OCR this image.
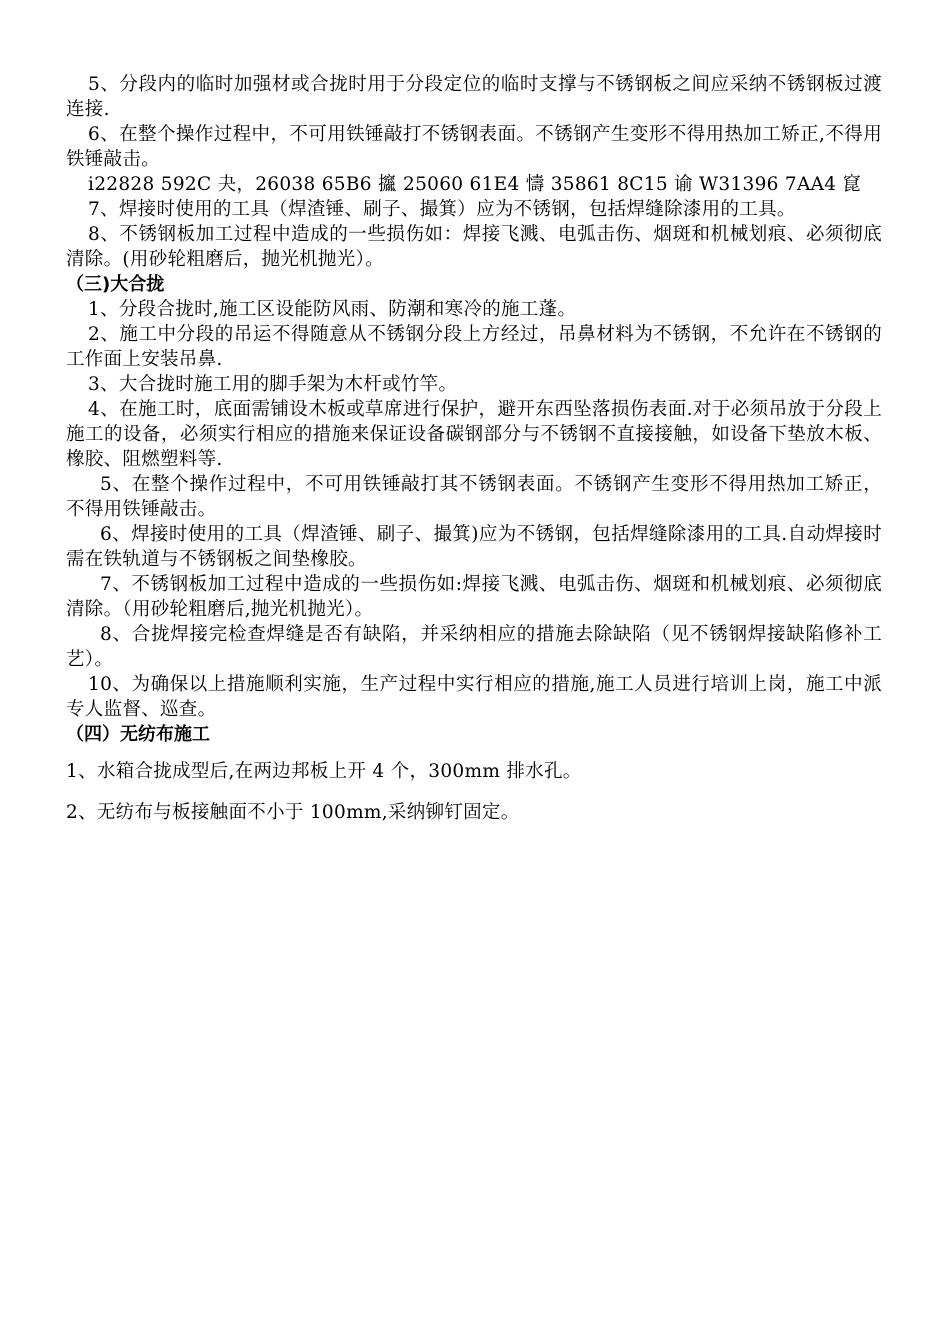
5、分段内的临时加强材或合拢时用于分段定位的临时支撑与不锈钢板之间应采纳不锈钢板过渡连接.

6、在整个操作过程中，不可用铁锤敲打不锈钢表面。不锈钢产生变形不得用热加工矫正,不得用铁锤敲击。

i22828 592C 夬，26038 65B6 攨 25060 61E4 懤 35861 8C15 谕 W31396 7AA4 窤

7、焊接时使用的工具（焊渣锤、刷子、撮箕）应为不锈钢，包括焊缝除漆用的工具。

8、不锈钢板加工过程中造成的一些损伤如：焊接飞溅、电弧击伤、烟斑和机械划痕、必须彻底清除。(用砂轮粗磨后，抛光机抛光）。

（三)大合拢

1、分段合拢时,施工区设能防风雨、防潮和寒冷的施工蓬。

2、施工中分段的吊运不得随意从不锈钢分段上方经过，吊鼻材料为不锈钢，不允许在不锈钢的工作面上安装吊鼻.

3、大合拢时施工用的脚手架为木杆或竹竿。

4、在施工时，底面需铺设木板或草席进行保护，避开东西坠落损伤表面.对于必须吊放于分段上施工的设备，必须实行相应的措施来保证设备碳钢部分与不锈钢不直接接触，如设备下垫放木板、橡胶、阻燃塑料等.

5、在整个操作过程中，不可用铁锤敲打其不锈钢表面。不锈钢产生变形不得用热加工矫正，不得用铁锤敲击。

6、焊接时使用的工具（焊渣锤、刷子、撮箕)应为不锈钢，包括焊缝除漆用的工具.自动焊接时需在铁轨道与不锈钢板之间垫橡胶。

7、不锈钢板加工过程中造成的一些损伤如:焊接飞溅、电弧击伤、烟斑和机械划痕、必须彻底清除。（用砂轮粗磨后,抛光机抛光）。

8、合拢焊接完检查焊缝是否有缺陷，并采纳相应的措施去除缺陷（见不锈钢焊接缺陷修补工艺）。

10、为确保以上措施顺利实施，生产过程中实行相应的措施,施工人员进行培训上岗，施工中派专人监督、巡查。

（四）无纺布施工

1、水箱合拢成型后,在两边邦板上开 4 个，300mm 排水孔。

2、无纺布与板接触面不小于 100mm,采纳铆钉固定。
